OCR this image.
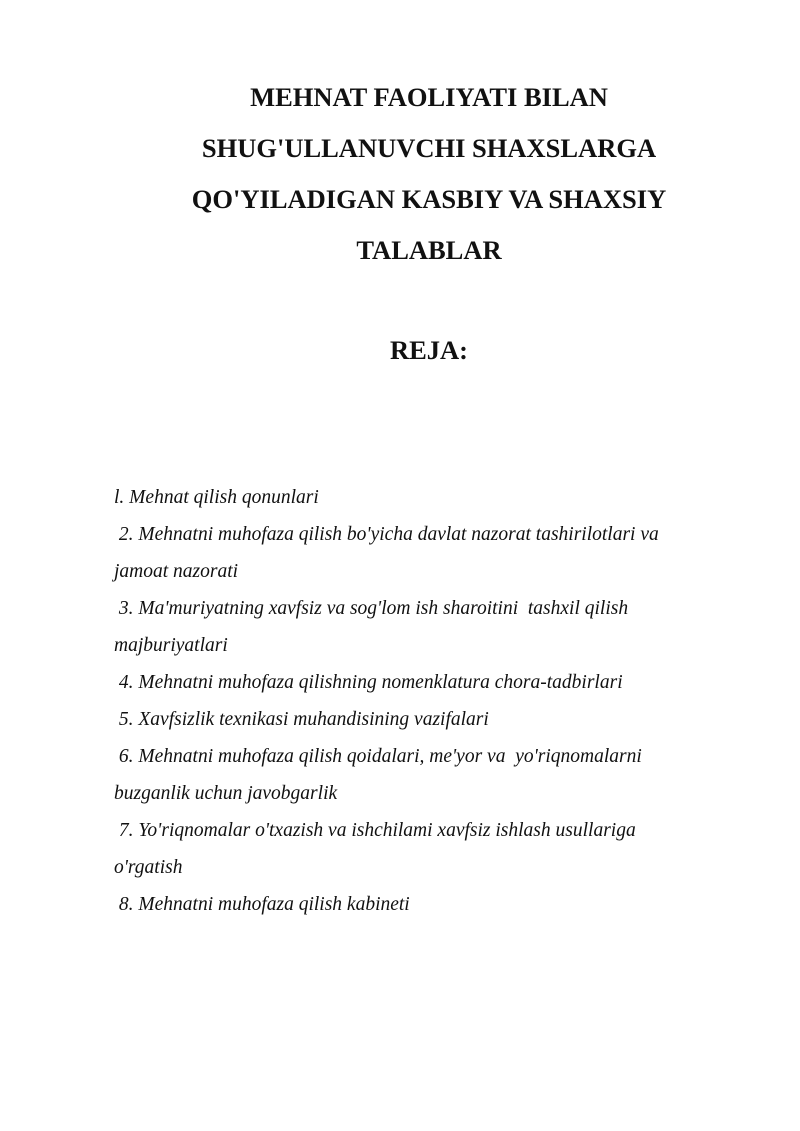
MEHNAT FAOLIYATI BILAN
SHUG'ULLANUVCHI SHAXSLARGA
QO'YILADIGAN KASBIY VA SHAXSIY
TALABLAR
REJA:
l. Mehnat qilish qonunlari
2. Mehnatni muhofaza qilish bo'yicha davlat nazorat tashirilotlari va
jamoat nazorati
3. Ma'muriyatning xavfsiz va sog'lom ish sharoitini  tashxil qilish
majburiyatlari
4. Mehnatni muhofaza qilishning nomenklatura chora-tadbirlari
5. Xavfsizlik texnikasi muhandisining vazifalari
6. Mehnatni muhofaza qilish qoidalari, me'yor va  yo'riqnomalarni
buzganlik uchun javobgarlik
7. Yo'riqnomalar o'txazish va ishchilami xavfsiz ishlash usullariga
o'rgatish
8. Mehnatni muhofaza qilish kabineti
